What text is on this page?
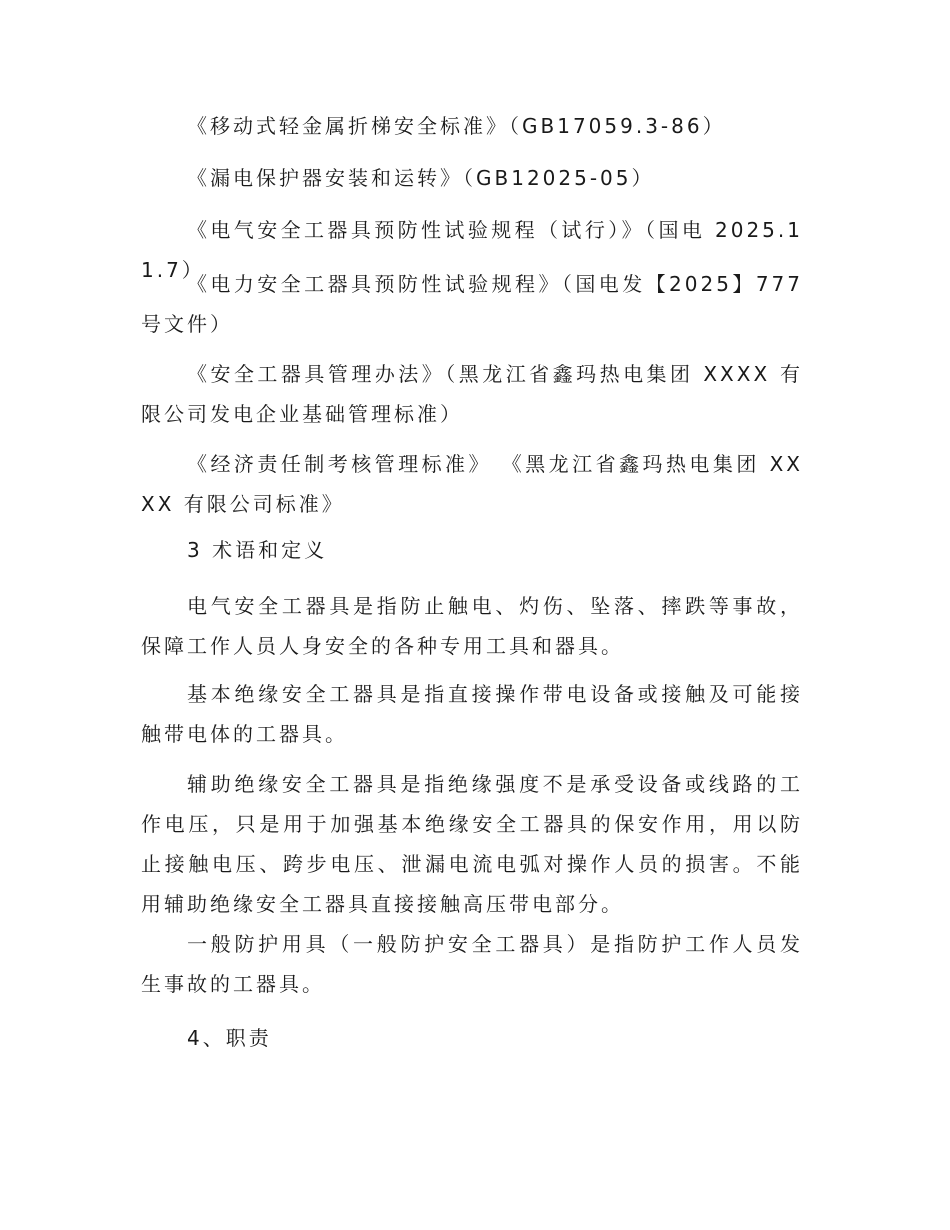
《移动式轻金属折梯安全标准》（GB17059.3-86）

《漏电保护器安装和运转》（GB12025-05）

《电气安全工器具预防性试验规程（试行）》（国电 2025.11.7）

《电力安全工器具预防性试验规程》（国电发【2025】777 号文件）

《安全工器具管理办法》（黑龙江省鑫玛热电集团 XXXX 有限公司发电企业基础管理标准）

《经济责任制考核管理标准》 《黑龙江省鑫玛热电集团 XXXX 有限公司标准》

3 术语和定义

电气安全工器具是指防止触电、灼伤、坠落、摔跌等事故，保障工作人员人身安全的各种专用工具和器具。

基本绝缘安全工器具是指直接操作带电设备或接触及可能接触带电体的工器具。

辅助绝缘安全工器具是指绝缘强度不是承受设备或线路的工作电压，只是用于加强基本绝缘安全工器具的保安作用，用以防止接触电压、跨步电压、泄漏电流电弧对操作人员的损害。不能用辅助绝缘安全工器具直接接触高压带电部分。

一般防护用具（一般防护安全工器具）是指防护工作人员发生事故的工器具。

4、职责
